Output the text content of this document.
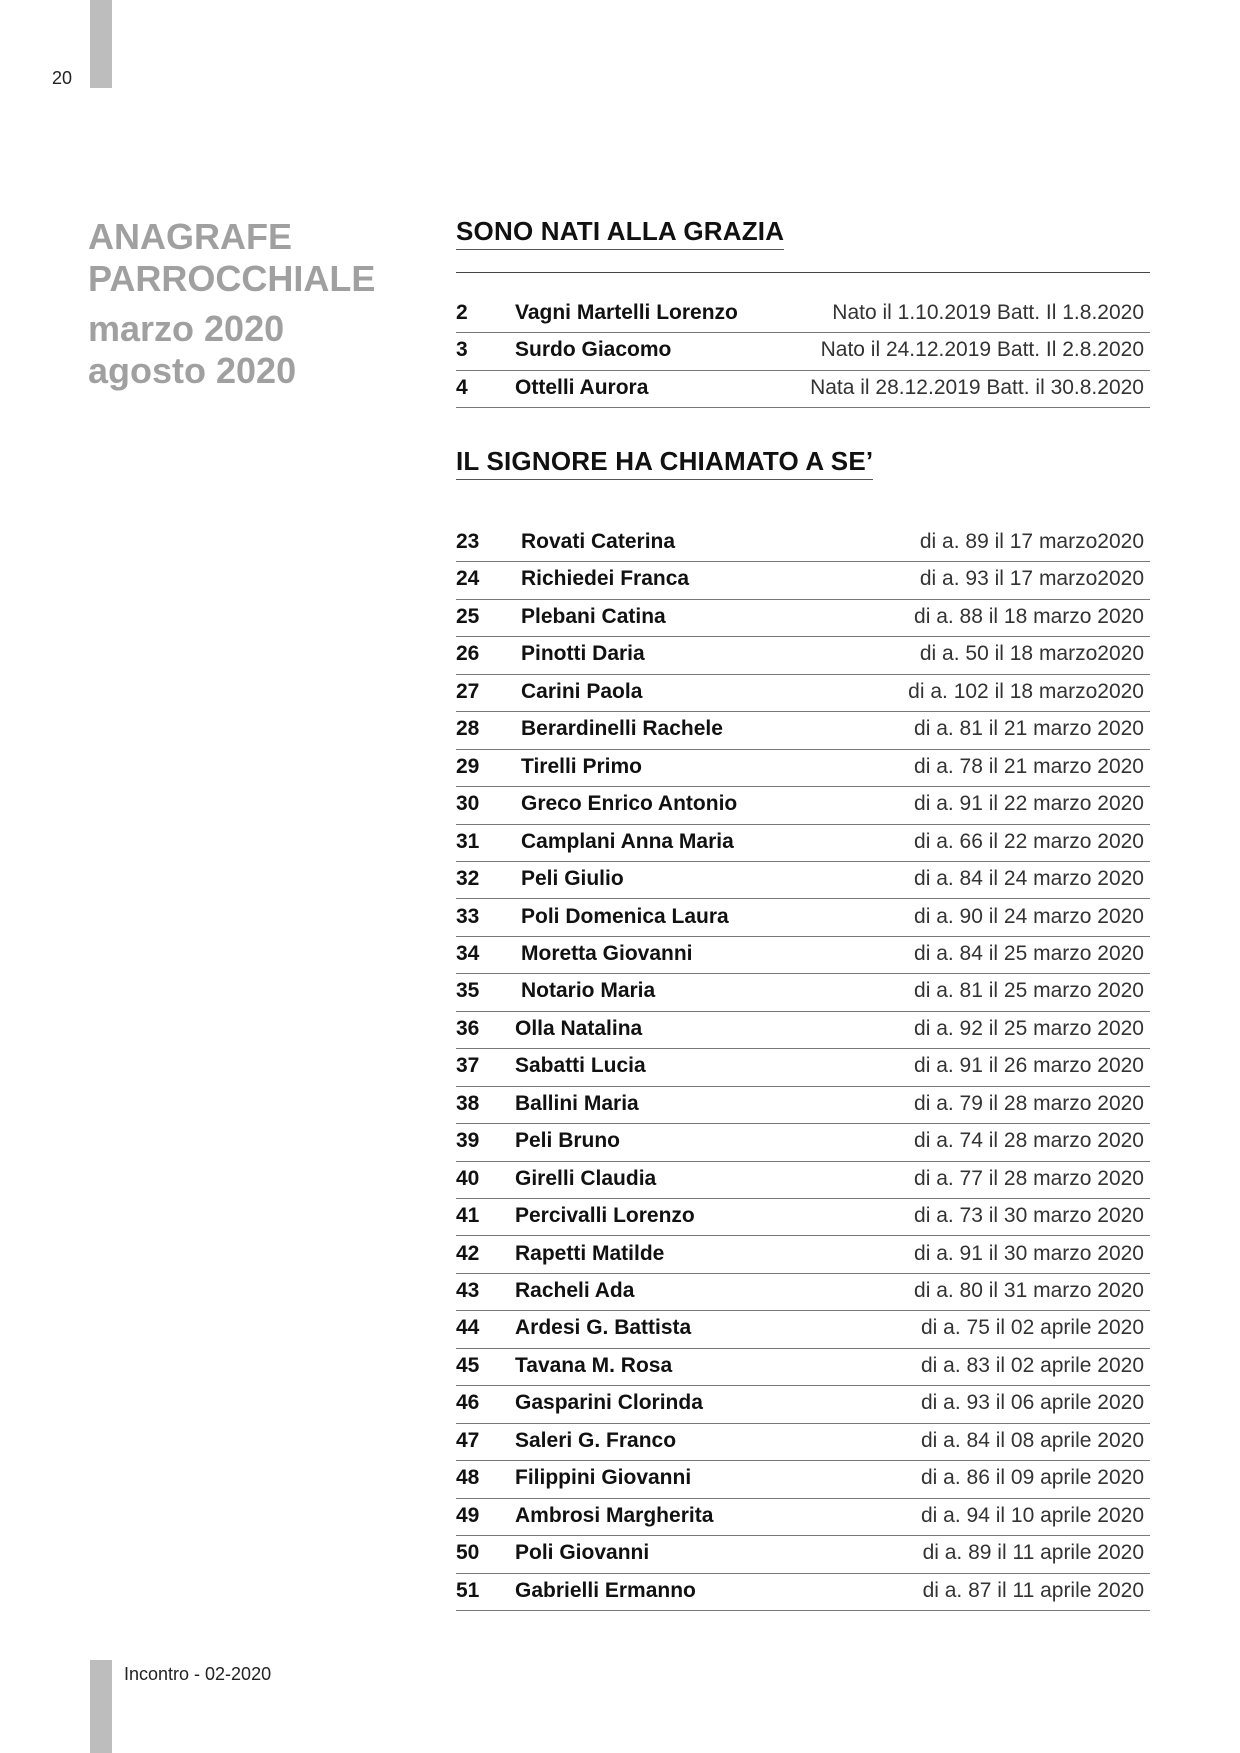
20
ANAGRAFE
PARROCCHIALE
marzo 2020
agosto 2020
SONO NATI ALLA GRAZIA
2 Vagni Martelli Lorenzo	Nato il 1.10.2019 Batt. Il 1.8.2020
3 Surdo Giacomo	Nato il 24.12.2019 Batt. Il 2.8.2020
4 Ottelli Aurora	Nata il 28.12.2019 Batt. il 30.8.2020
IL SIGNORE HA CHIAMATO A SE’
23 Rovati Caterina	di a. 89 il 17 marzo2020
24 Richiedei Franca	di a. 93 il 17 marzo2020
25 Plebani Catina	di a. 88 il 18 marzo 2020
26 Pinotti Daria	di a. 50 il 18 marzo2020
27 Carini Paola	di a. 102 il 18 marzo2020
28 Berardinelli Rachele	di a. 81 il 21 marzo 2020
29 Tirelli Primo	di a. 78 il 21 marzo 2020
30 Greco Enrico Antonio	di a. 91 il 22 marzo 2020
31 Camplani Anna Maria	di a. 66 il 22 marzo 2020
32 Peli Giulio	di a. 84 il 24 marzo 2020
33 Poli Domenica Laura	di a. 90 il 24 marzo 2020
34 Moretta Giovanni	di a. 84 il 25 marzo 2020
35 Notario Maria	di a. 81 il 25 marzo 2020
36 Olla Natalina	di a. 92 il 25 marzo 2020
37 Sabatti Lucia	di a. 91 il 26 marzo 2020
38 Ballini Maria	di a. 79 il 28 marzo 2020
39 Peli Bruno	di a. 74 il 28 marzo 2020
40 Girelli Claudia	di a. 77 il 28 marzo 2020
41 Percivalli Lorenzo	di a. 73 il 30 marzo 2020
42 Rapetti Matilde	di a. 91 il 30 marzo 2020
43 Racheli Ada	di a. 80 il 31 marzo 2020
44 Ardesi G. Battista	di a. 75 il 02 aprile 2020
45 Tavana M. Rosa	di a. 83 il 02 aprile 2020
46 Gasparini Clorinda	di a. 93 il 06 aprile 2020
47 Saleri G. Franco	di a. 84 il 08 aprile 2020
48 Filippini Giovanni	di a. 86 il 09 aprile 2020
49 Ambrosi Margherita	di a. 94 il 10 aprile 2020
50 Poli Giovanni	di a. 89 il 11 aprile 2020
51 Gabrielli Ermanno	di a. 87 il 11 aprile 2020
Incontro - 02-2020
